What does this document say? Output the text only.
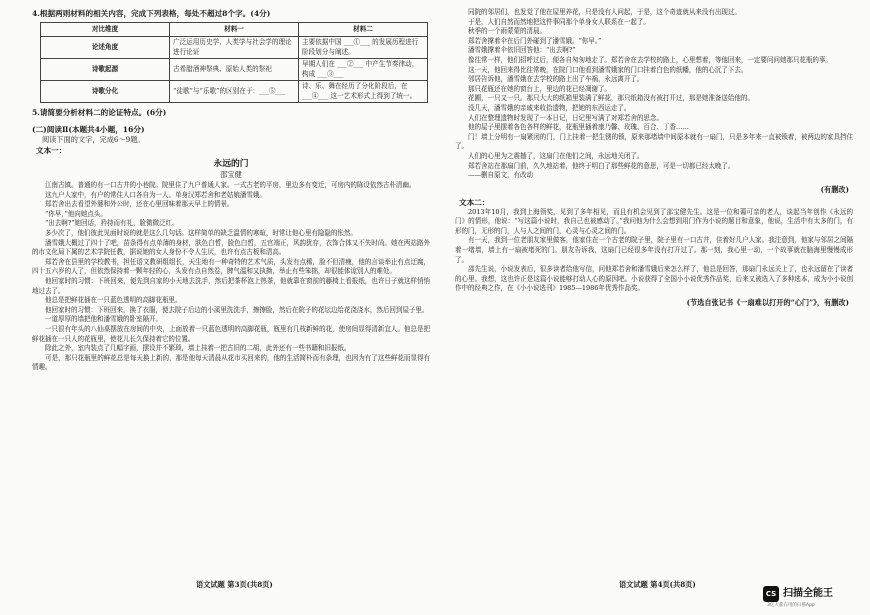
4.根据两则材料的相关内容，完成下列表格，每处不超过8个字。(4分)

对比维度	材料一	材料二
论述角度	广泛运用历史学、人类学与社会学的理论进行论证	主要依据中国 ___①___ 的发展历程进行阶段划分与阐述。
诗歌起源	古希腊酒神祭典、原始人类的祭祀	早期人们在 ___②___ 中产生节奏律动，构成 ___③___
诗歌分化	“徒歌”与“乐歌”的区别在于：___⑤___	诗、乐、舞在经历了分化阶段后，在 ___④___ 这一艺术形式上得到了统一。

5.请简要分析材料二的论证特点。(6分)

(二)阅读Ⅱ(本题共4小题，16分)

阅读下面的文字，完成6～9题。

文本一：

永远的门

邵宝健

江南古镇。普通的有一口古井的小巷院。院里住了九户普通人家。一式古老的平房，里边多有变迁，可房内的陈设依然古朴清幽。

这九户人家中，有户的常住人口各自为一人。单身汉郑若舍和老姑娘潘雪娥。

郑若舍出去看望外婆和外公时，还在心里回味着那天早上的情景。

“你早，”他向她点头。

“出去啊?”她回话，矜持而有礼，脸微微泛红。

多少次了，他们彼此见面时说的就是这么几句话。这样简单的缺乏温情的寒暄，时常让他心里有隐隐的怅然。

潘雪娥大概过了四十了吧，苗条得有点单薄的身材，肤色白皙，脸色白皙，五官端正，风韵犹存，衣饰合体又不失时尚。她在两站路外的市文化局下属的艺术学院任教，据说她的女人身份不令人生厌，也许有点古板和清高。

郑若舍在县里的学校教书，担任语文教研组组长，天生地有一种奇特的艺术气质，头发有点稀，脸不但清瘦，他的言谈举止有点迂腐，四十五六岁的人了，但依然保持着一颗年轻的心，头发有点自然卷，脾气温和又执拗，举止有些笨拙，却很能体谅别人的难处。

他回家时的习惯：下班回来，便先到自家的小天地去洗手，然后把茶杯泡上热茶，他就靠在窗前的藤椅上看报纸，也许日子就这样悄悄地过去了。

他总是把鲜花插在一只蓝色透明的高脚花瓶里。

他回家时的习惯：下班回来，换了衣服，便去院子后边的小溪里洗洗手，擦擦脸，然后在院子的花坛边给花浇浇水，然后回到屋子里。

一道厚厚的墙把他和潘雪娥的卧室隔开。

一只很有年头的八仙桌摆放在房间的中央，上面放着一只蓝色透明的高脚花瓶，瓶里有几枝新鲜的花，使房间显得清新宜人。他总是把鲜花插在一只人的花瓶里，使花儿长久保持着它的位置。

除此之外，室内装点了几幅字画，摆设并不繁琐，墙上挂着一把古旧的二胡，此外还有一些书籍和旧报纸。

可是，那只花瓶里的鲜花总是每天换上新的，那是他每天清晨从花市买回来的，他的生活简朴而有条理，也因为有了这些鲜花而显得有情趣。

同院的邻居们，也发觉了他在屋里养花，只是没有人问起，于是，这个奇迹就从来没有出现过。

于是，人们自然而然地把这件事同那个单身女人联系在一起了。

秋季的一个雨蒙蒙的清晨。

郑若舍撑着伞在后门外碰到了潘雪娥。“你早。”

潘雪娥撑着伞依旧回答他：“出去啊?”

像往常一样，他们招呼过后，便各自匆匆地走了。郑若舍在去学校的路上，心里想着，等他回来，一定要问问她那只花瓶的事。

这一天，他回来得比往常晚，在院门口他看到潘雪娥家的门口挂着白色的纸幡，他的心沉了下去。

邻居告诉他，潘雪娥在去学校的路上出了车祸，永远离开了。

那只花瓶还在她的窗台上，里边的花已经凋谢了。

花圃，一只又一只。那只大大的纸箱里装满了鲜花，那只纸箱没有被打开过，那是她准备送给他的。

没几天，潘雪娥的亲戚来收拾遗物，把她的东西运走了。

人们在整理遗物时发现了一本日记，日记里写满了对郑若舍的思念。

他的屋子里摆着各色各样的鲜花，花瓶里插着康乃馨、玫瑰、百合、丁香……

门！墙上分明有一扇紧闭的门，门上挂着一把生锈的锁，原来那堵墙中间原本就有一扇门，只是多年来一直被锁着，被两边的家具挡住了。

人们的心里为之震撼了，这扇门在他们之间，永远地关闭了。

郑若舍站在那扇门前，久久地站着，他终于明白了那些鲜花的意思，可是一切都已经太晚了。

——删自原文，有改动

(有删改)

文本二：

2013年10月，我到上海领奖，见到了多年相见，而且有机会见到了邵宝健先生。这是一位和蔼可亲的老人，谈起当年创作《永远的门》的情形，他说：“写这篇小说时，我自己也被感动了。”我问他为什么会想到用门作为小说的题目和意象，他说，生活中有太多的门，有形的门，无形的门，人与人之间的门，心灵与心灵之间的门。

有一天，我到一位老朋友家里做客，他家住在一个古老的院子里，院子里有一口古井，住着好几户人家。我注意到，他家与邻居之间隔着一堵墙，墙上有一扇被堵死的门。朋友告诉我，这扇门已经很多年没有打开过了。那一刻，我心里一动，一个故事就在脑海里慢慢成形了。

邵先生说，小说发表后，很多读者给他写信，问他郑若舍和潘雪娥后来怎么样了，他总是回答，那扇门永远关上了，也永远留在了读者的心里。我想，这也许正是这篇小说能够打动人心的原因吧。小说获得了全国小小说优秀作品奖，后来又被选入了多种选本，成为小小说创作中的经典之作，在《小小说选刊》1985—1986年优秀作品奖。

(节选自张记书《一扇难以打开的“心门”》，有删改)

语文试题 第3页(共8页)	语文试题 第4页(共8页)
CS 扫描全能王
3亿人都在用的扫描App
